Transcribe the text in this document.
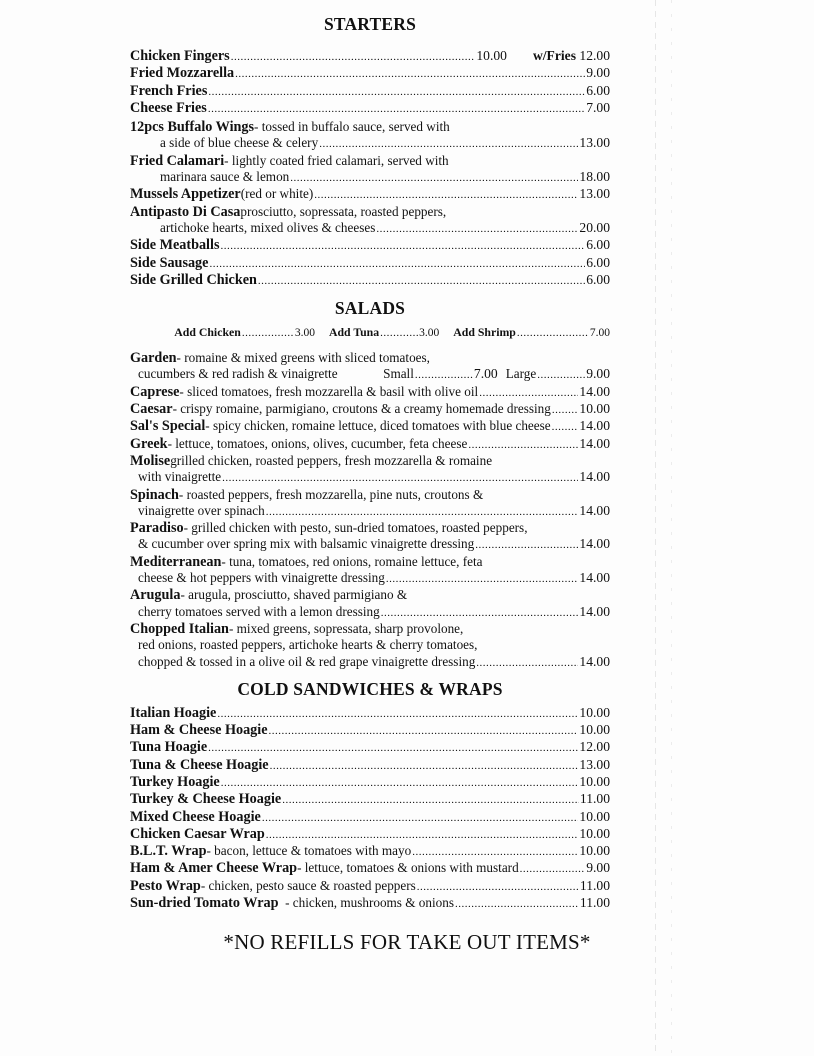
STARTERS
Chicken Fingers .....	10.00 w/Fries 12.00
Fried Mozzarella .....	9.00
French Fries .....	6.00
Cheese Fries .....	7.00
12pcs Buffalo Wings - tossed in buffalo sauce, served with
a side of blue cheese & celery .....	13.00
Fried Calamari - lightly coated fried calamari, served with
marinara sauce & lemon .....	18.00
Mussels Appetizer (red or white) .....	13.00
Antipasto Di Casa prosciutto, sopressata, roasted peppers,
artichoke hearts, mixed olives & cheeses .....	20.00
Side Meatballs .....	6.00
Side Sausage .....	6.00
Side Grilled Chicken .....	6.00
SALADS
Add Chicken .....	3.00 Add Tuna .....	3.00 Add Shrimp .....	7.00
Garden - romaine & mixed greens with sliced tomatoes,
cucumbers & red radish & vinaigrette	Small .....	7.00 Large .....	9.00
Caprese - sliced tomatoes, fresh mozzarella & basil with olive oil .....	14.00
Caesar - crispy romaine, parmigiano, croutons & a creamy homemade dressing ..... 10.00
Sal's Special - spicy chicken, romaine lettuce, diced tomatoes with blue cheese ..... 14.00
Greek - lettuce, tomatoes, onions, olives, cucumber, feta cheese .....	14.00
Molise grilled chicken, roasted peppers, fresh mozzarella & romaine
with vinaigrette .....	14.00
Spinach - roasted peppers, fresh mozzarella, pine nuts, croutons &
vinaigrette over spinach .....	14.00
Paradiso - grilled chicken with pesto, sun-dried tomatoes, roasted peppers,
& cucumber over spring mix with balsamic vinaigrette dressing .....	14.00
Mediterranean - tuna, tomatoes, red onions, romaine lettuce, feta
cheese & hot peppers with vinaigrette dressing .....	14.00
Arugula - arugula, prosciutto, shaved parmigiano &
cherry tomatoes served with a lemon dressing .....	14.00
Chopped Italian - mixed greens, sopressata, sharp provolone,
red onions, roasted peppers, artichoke hearts & cherry tomatoes,
chopped & tossed in a olive oil & red grape vinaigrette dressing .....	14.00
COLD SANDWICHES & WRAPS
Italian Hoagie .....	10.00
Ham & Cheese Hoagie .....	10.00
Tuna Hoagie .....	12.00
Tuna & Cheese Hoagie .....	13.00
Turkey Hoagie .....	10.00
Turkey & Cheese Hoagie .....	11.00
Mixed Cheese Hoagie .....	10.00
Chicken Caesar Wrap .....	10.00
B.L.T. Wrap - bacon, lettuce & tomatoes with mayo .....	10.00
Ham & Amer Cheese Wrap - lettuce, tomatoes & onions with mustard .....	9.00
Pesto Wrap - chicken, pesto sauce & roasted peppers .....	11.00
Sun-dried Tomato Wrap - chicken, mushrooms & onions .....	11.00
*NO REFILLS FOR TAKE OUT ITEMS*
